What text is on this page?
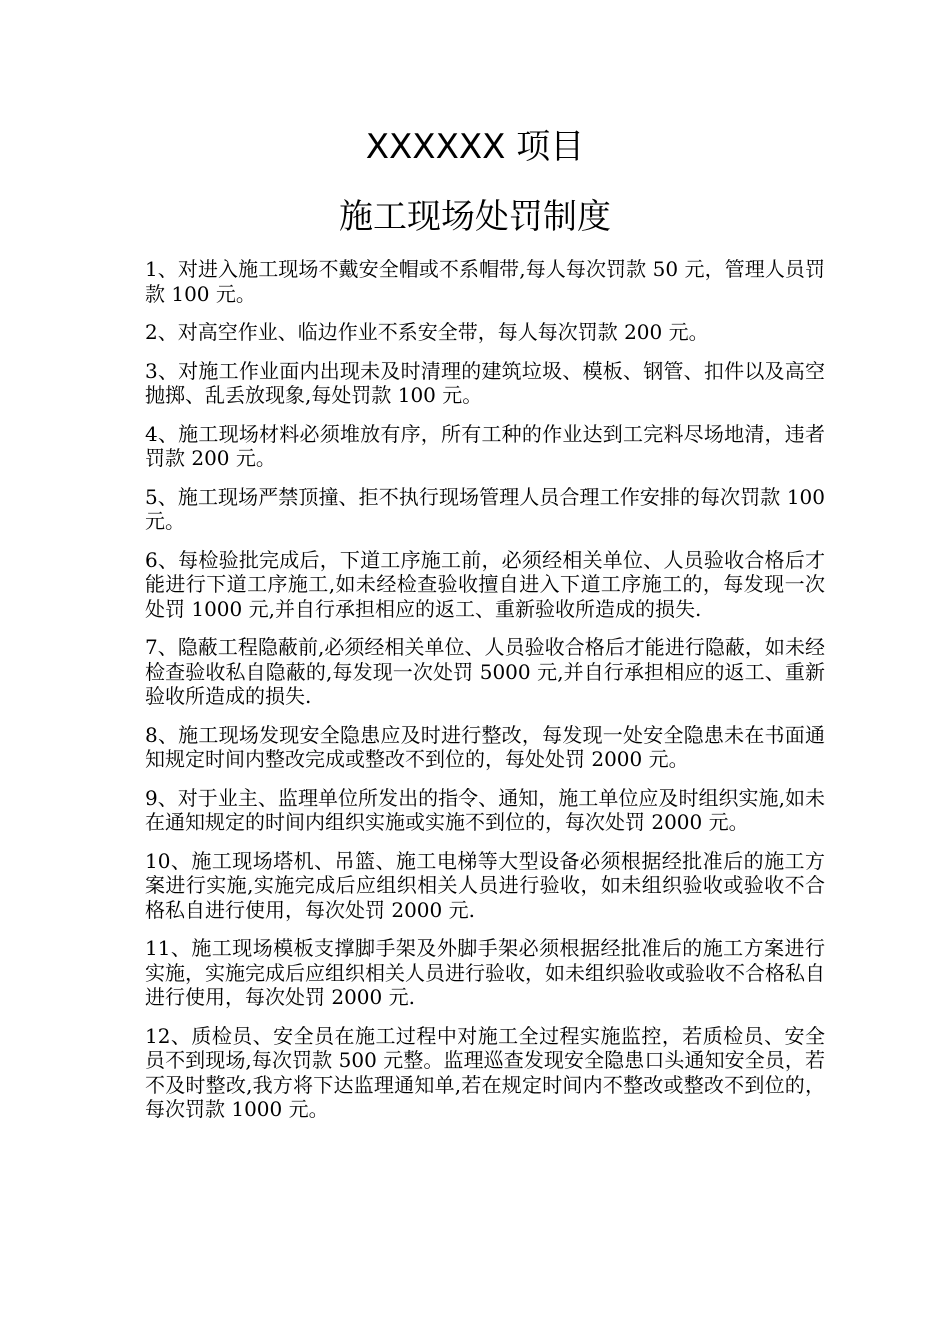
XXXXXX 项目
施工现场处罚制度
1、对进入施工现场不戴安全帽或不系帽带,每人每次罚款 50 元，管理人员罚款 100 元。
2、对高空作业、临边作业不系安全带，每人每次罚款 200 元。
3、对施工作业面内出现未及时清理的建筑垃圾、模板、钢管、扣件以及高空抛掷、乱丢放现象,每处罚款 100 元。
4、施工现场材料必须堆放有序，所有工种的作业达到工完料尽场地清，违者罚款 200 元。
5、施工现场严禁顶撞、拒不执行现场管理人员合理工作安排的每次罚款 100 元。
6、每检验批完成后，下道工序施工前，必须经相关单位、人员验收合格后才能进行下道工序施工,如未经检查验收擅自进入下道工序施工的，每发现一次处罚 1000 元,并自行承担相应的返工、重新验收所造成的损失.
7、隐蔽工程隐蔽前,必须经相关单位、人员验收合格后才能进行隐蔽，如未经检查验收私自隐蔽的,每发现一次处罚 5000 元,并自行承担相应的返工、重新验收所造成的损失.
8、施工现场发现安全隐患应及时进行整改，每发现一处安全隐患未在书面通知规定时间内整改完成或整改不到位的，每处处罚 2000 元。
9、对于业主、监理单位所发出的指令、通知，施工单位应及时组织实施,如未在通知规定的时间内组织实施或实施不到位的，每次处罚 2000 元。
10、施工现场塔机、吊篮、施工电梯等大型设备必须根据经批准后的施工方案进行实施,实施完成后应组织相关人员进行验收，如未组织验收或验收不合格私自进行使用，每次处罚 2000 元.
11、施工现场模板支撑脚手架及外脚手架必须根据经批准后的施工方案进行实施，实施完成后应组织相关人员进行验收，如未组织验收或验收不合格私自进行使用，每次处罚 2000 元.
12、质检员、安全员在施工过程中对施工全过程实施监控，若质检员、安全员不到现场,每次罚款 500 元整。监理巡查发现安全隐患口头通知安全员，若不及时整改,我方将下达监理通知单,若在规定时间内不整改或整改不到位的，每次罚款 1000 元。
